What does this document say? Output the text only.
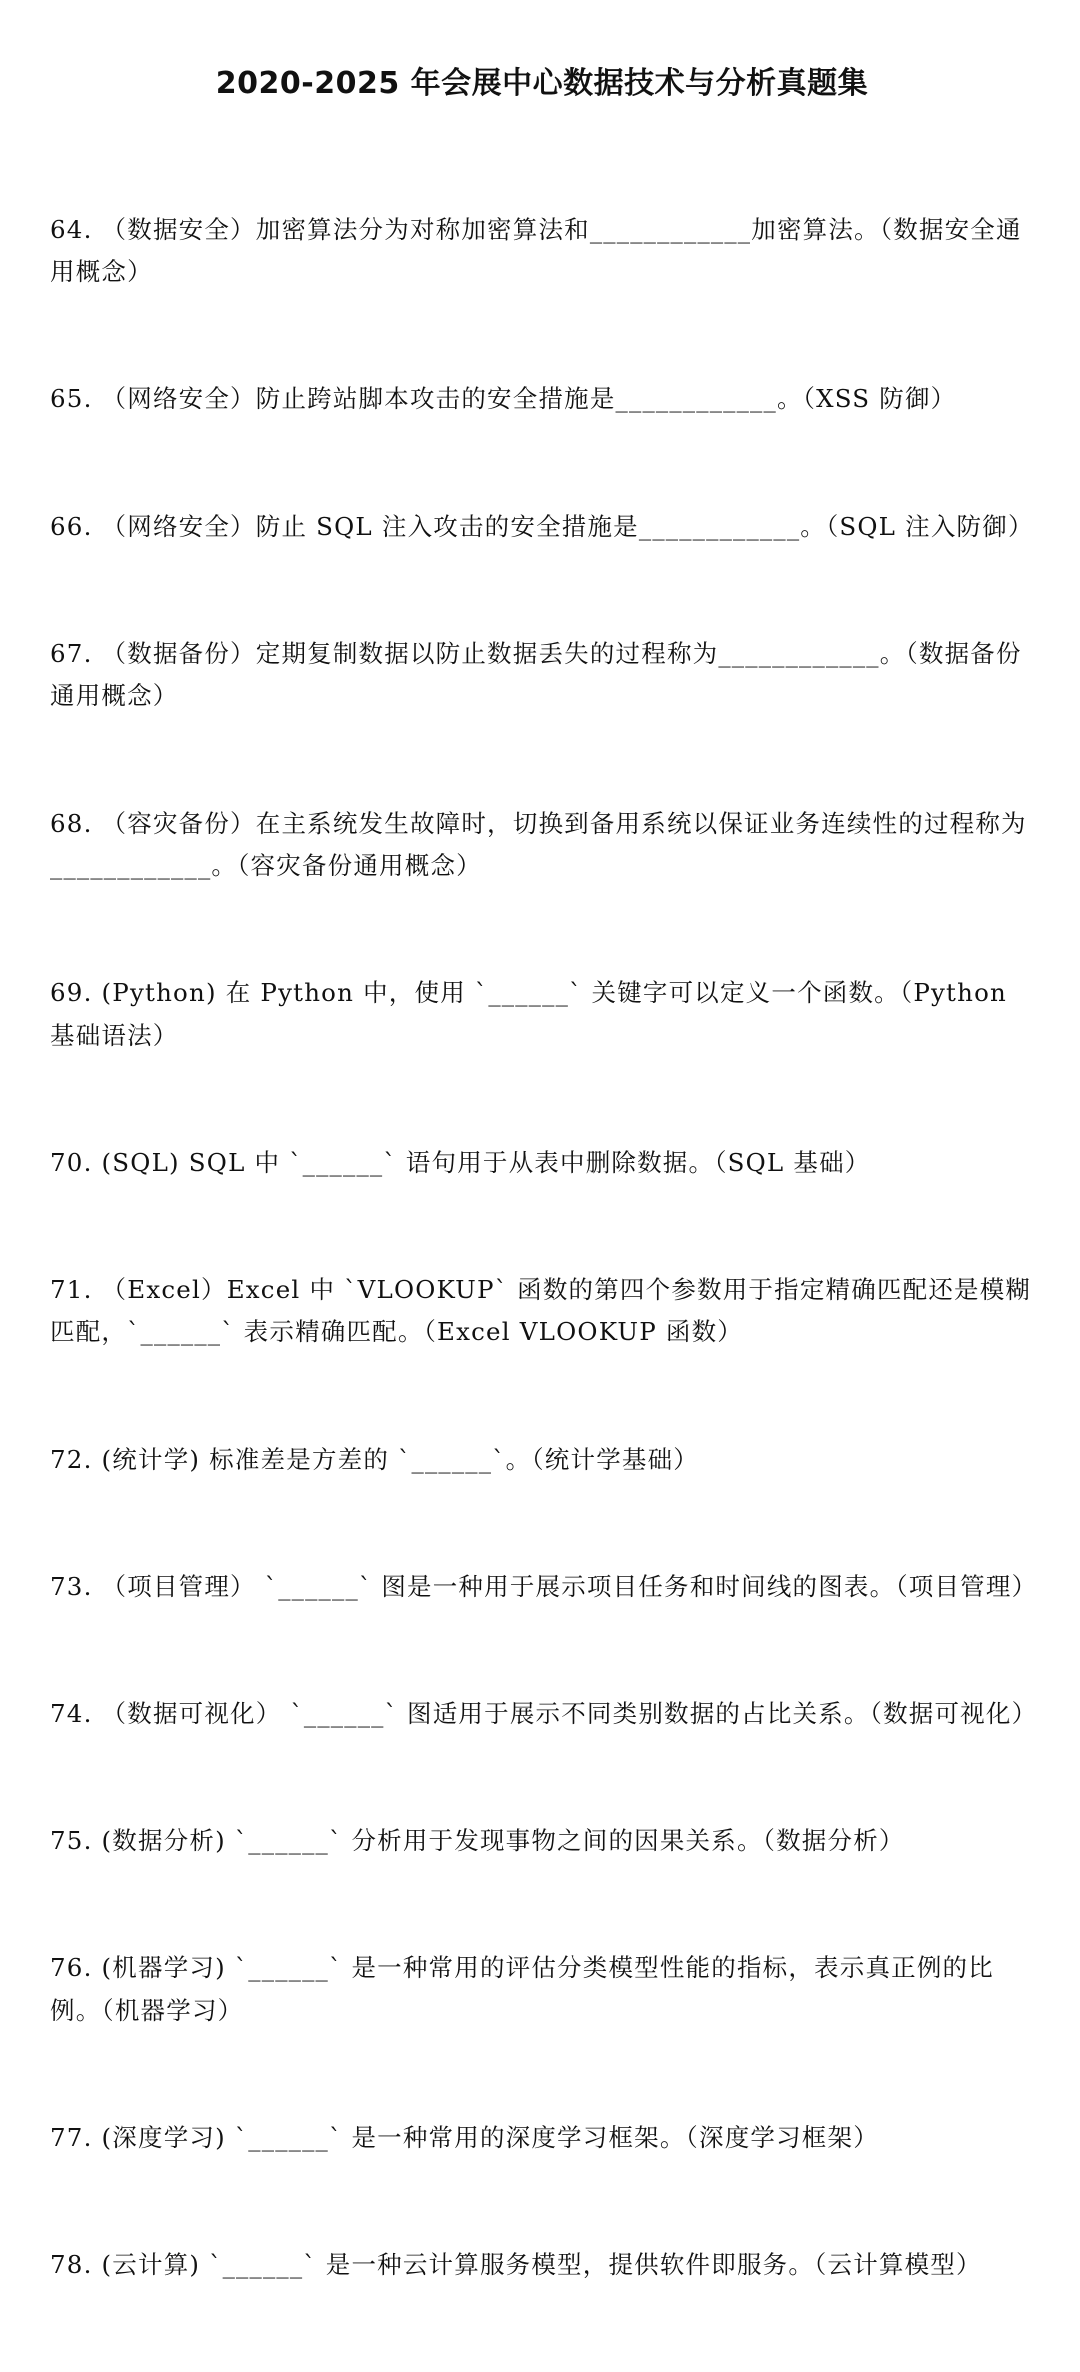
2020-2025 年会展中心数据技术与分析真题集

64. （数据安全）加密算法分为对称加密算法和____________加密算法。（数据安全通用概念）

65. （网络安全）防止跨站脚本攻击的安全措施是____________。（XSS 防御）

66. （网络安全）防止 SQL 注入攻击的安全措施是____________。（SQL 注入防御）

67. （数据备份）定期复制数据以防止数据丢失的过程称为____________。（数据备份通用概念）

68. （容灾备份）在主系统发生故障时，切换到备用系统以保证业务连续性的过程称为____________。（容灾备份通用概念）

69. (Python) 在 Python 中，使用 `______` 关键字可以定义一个函数。（Python 基础语法）

70. (SQL) SQL 中 `______` 语句用于从表中删除数据。（SQL 基础）

71. （Excel）Excel 中 `VLOOKUP` 函数的第四个参数用于指定精确匹配还是模糊匹配，`______` 表示精确匹配。（Excel VLOOKUP 函数）

72. (统计学) 标准差是方差的 `______`。（统计学基础）

73. （项目管理） `______` 图是一种用于展示项目任务和时间线的图表。（项目管理）

74. （数据可视化） `______` 图适用于展示不同类别数据的占比关系。（数据可视化）

75. (数据分析) `______` 分析用于发现事物之间的因果关系。（数据分析）

76. (机器学习) `______` 是一种常用的评估分类模型性能的指标，表示真正例的比例。（机器学习）

77. (深度学习) `______` 是一种常用的深度学习框架。（深度学习框架）

78. (云计算) `______` 是一种云计算服务模型，提供软件即服务。（云计算模型）
